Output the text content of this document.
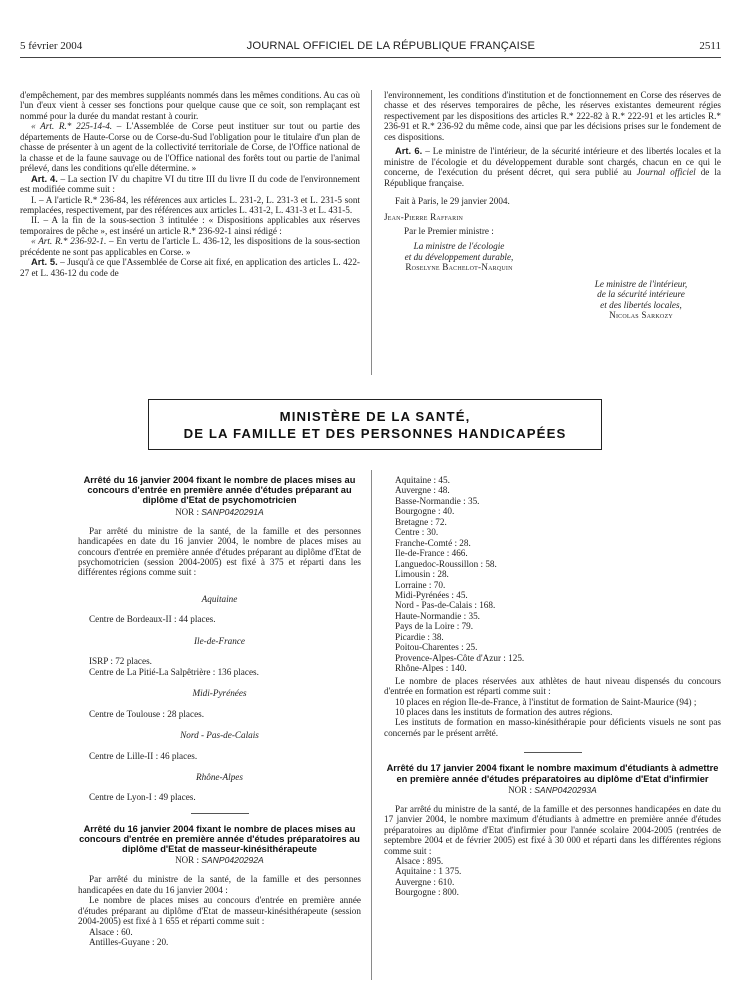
5 février 2004	JOURNAL OFFICIEL DE LA RÉPUBLIQUE FRANÇAISE	2511

d'empêchement, par des membres suppléants nommés dans les mêmes conditions. Au cas où l'un d'eux vient à cesser ses fonctions pour quelque cause que ce soit, son remplaçant est nommé pour la durée du mandat restant à courir.

« Art. R.* 225-14-4. – L'Assemblée de Corse peut instituer sur tout ou partie des départements de Haute-Corse ou de Corse-du-Sud l'obligation pour le titulaire d'un plan de chasse de présenter à un agent de la collectivité territoriale de Corse, de l'Office national de la chasse et de la faune sauvage ou de l'Office national des forêts tout ou partie de l'animal prélevé, dans les conditions qu'elle détermine. »

Art. 4. – La section IV du chapitre VI du titre III du livre II du code de l'environnement est modifiée comme suit :

I. – A l'article R.* 236-84, les références aux articles L. 231-2, L. 231-3 et L. 231-5 sont remplacées, respectivement, par des références aux articles L. 431-2, L. 431-3 et L. 431-5.

II. – A la fin de la sous-section 3 intitulée : « Dispositions applicables aux réserves temporaires de pêche », est inséré un article R.* 236-92-1 ainsi rédigé :

« Art. R.* 236-92-1. – En vertu de l'article L. 436-12, les dispositions de la sous-section précédente ne sont pas applicables en Corse. »

Art. 5. – Jusqu'à ce que l'Assemblée de Corse ait fixé, en application des articles L. 422-27 et L. 436-12 du code de

l'environnement, les conditions d'institution et de fonctionnement en Corse des réserves de chasse et des réserves temporaires de pêche, les réserves existantes demeurent régies respectivement par les dispositions des articles R.* 222-82 à R.* 222-91 et les articles R.* 236-91 et R.* 236-92 du même code, ainsi que par les décisions prises sur le fondement de ces dispositions.

Art. 6. – Le ministre de l'intérieur, de la sécurité intérieure et des libertés locales et la ministre de l'écologie et du développement durable sont chargés, chacun en ce qui le concerne, de l'exécution du présent décret, qui sera publié au Journal officiel de la République française.

Fait à Paris, le 29 janvier 2004.

Jean-Pierre Raffarin

Par le Premier ministre :

La ministre de l'écologie
et du développement durable,
Roselyne Bachelot-Narquin
Le ministre de l'intérieur,
de la sécurité intérieure
et des libertés locales,
Nicolas Sarkozy
MINISTÈRE DE LA SANTÉ,
DE LA FAMILLE ET DES PERSONNES HANDICAPÉES
Arrêté du 16 janvier 2004 fixant le nombre de places mises au concours d'entrée en première année d'études préparant au diplôme d'Etat de psychomotricien
NOR : SANP0420291A

Par arrêté du ministre de la santé, de la famille et des personnes handicapées en date du 16 janvier 2004, le nombre de places mises au concours d'entrée en première année d'études préparant au diplôme d'Etat de psychomotricien (session 2004-2005) est fixé à 375 et réparti dans les différentes régions comme suit :

Aquitaine

Centre de Bordeaux-II : 44 places.

Ile-de-France

ISRP : 72 places.

Centre de La Pitié-La Salpêtrière : 136 places.

Midi-Pyrénées

Centre de Toulouse : 28 places.

Nord - Pas-de-Calais

Centre de Lille-II : 46 places.

Rhône-Alpes

Centre de Lyon-I : 49 places.

Arrêté du 16 janvier 2004 fixant le nombre de places mises au concours d'entrée en première année d'études préparatoires au diplôme d'Etat de masseur-kinésithérapeute
NOR : SANP0420292A

Par arrêté du ministre de la santé, de la famille et des personnes handicapées en date du 16 janvier 2004 :

Le nombre de places mises au concours d'entrée en première année d'études préparant au diplôme d'Etat de masseur-kinésithérapeute (session 2004-2005) est fixé à 1 655 et réparti comme suit :

Alsace : 60.

Antilles-Guyane : 20.

Aquitaine : 45.

Auvergne : 48.

Basse-Normandie : 35.

Bourgogne : 40.

Bretagne : 72.

Centre : 30.

Franche-Comté : 28.

Ile-de-France : 466.

Languedoc-Roussillon : 58.

Limousin : 28.

Lorraine : 70.

Midi-Pyrénées : 45.

Nord - Pas-de-Calais : 168.

Haute-Normandie : 35.

Pays de la Loire : 79.

Picardie : 38.

Poitou-Charentes : 25.

Provence-Alpes-Côte d'Azur : 125.

Rhône-Alpes : 140.

Le nombre de places réservées aux athlètes de haut niveau dispensés du concours d'entrée en formation est réparti comme suit :

10 places en région Ile-de-France, à l'institut de formation de Saint-Maurice (94) ;

10 places dans les instituts de formation des autres régions.

Les instituts de formation en masso-kinésithérapie pour déficients visuels ne sont pas concernés par le présent arrêté.

Arrêté du 17 janvier 2004 fixant le nombre maximum d'étudiants à admettre en première année d'études préparatoires au diplôme d'Etat d'infirmier
NOR : SANP0420293A

Par arrêté du ministre de la santé, de la famille et des personnes handicapées en date du 17 janvier 2004, le nombre maximum d'étudiants à admettre en première année d'études préparatoires au diplôme d'Etat d'infirmier pour l'année scolaire 2004-2005 (rentrées de septembre 2004 et de février 2005) est fixé à 30 000 et réparti dans les différentes régions comme suit :

Alsace : 895.

Aquitaine : 1 375.

Auvergne : 610.

Bourgogne : 800.
